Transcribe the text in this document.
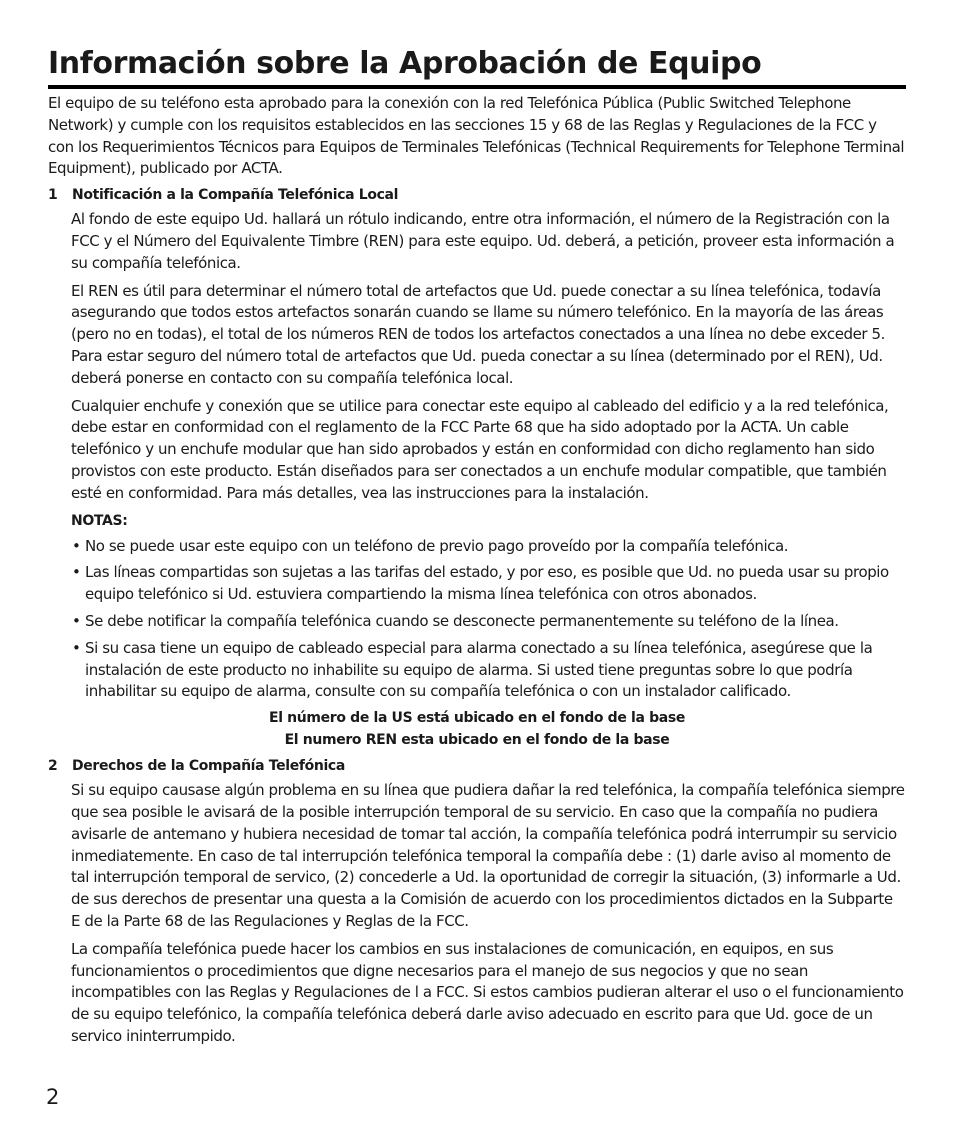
Información sobre la Aprobación de Equipo

El equipo de su teléfono esta aprobado para la conexión con la red Telefónica Pública (Public Switched Telephone Network) y cumple con los requisitos establecidos en las secciones 15 y 68 de las Reglas y Regulaciones de la FCC y con los Requerimientos Técnicos para Equipos de Terminales Telefónicas (Technical Requirements for Telephone Terminal Equipment), publicado por ACTA.

1	Notificación a la Compañía Telefónica Local

Al fondo de este equipo Ud. hallará un rótulo indicando, entre otra información, el número de la Registración con la FCC y el Número del Equivalente Timbre (REN) para este equipo. Ud. deberá, a petición, proveer esta información a su compañía telefónica.

El REN es útil para determinar el número total de artefactos que Ud. puede conectar a su línea telefónica, todavía asegurando que todos estos artefactos sonarán cuando se llame su número telefónico. En la mayoría de las áreas (pero no en todas), el total de los números REN de todos los artefactos conectados a una línea no debe exceder 5. Para estar seguro del número total de artefactos que Ud. pueda conectar a su línea (determinado por el REN), Ud. deberá ponerse en contacto con su compañía telefónica local.

Cualquier enchufe y conexión que se utilice para conectar este equipo al cableado del edificio y a la red telefónica, debe estar en conformidad con el reglamento de la FCC Parte 68 que ha sido adoptado por la ACTA. Un cable telefónico y un enchufe modular que han sido aprobados y están en conformidad con dicho reglamento han sido provistos con este producto. Están diseñados para ser conectados a un enchufe modular compatible, que también esté en conformidad. Para más detalles, vea las instrucciones para la instalación.

NOTAS:
• No se puede usar este equipo con un teléfono de previo pago proveído por la compañía telefónica.
• Las líneas compartidas son sujetas a las tarifas del estado, y por eso, es posible que Ud. no pueda usar su propio equipo telefónico si Ud. estuviera compartiendo la misma línea telefónica con otros abonados.
• Se debe notificar la compañía telefónica cuando se desconecte permanentemente su teléfono de la línea.
• Si su casa tiene un equipo de cableado especial para alarma conectado a su línea telefónica, asegúrese que la instalación de este producto no inhabilite su equipo de alarma. Si usted tiene preguntas sobre lo que podría inhabilitar su equipo de alarma, consulte con su compañía telefónica o con un instalador calificado.

El número de la US está ubicado en el fondo de la base

El numero REN esta ubicado en el fondo de la base

2	Derechos de la Compañía Telefónica

Si su equipo causase algún problema en su línea que pudiera dañar la red telefónica, la compañía telefónica siempre que sea posible le avisará de la posible interrupción temporal de su servicio. En caso que la compañía no pudiera avisarle de antemano y hubiera necesidad de tomar tal acción, la compañía telefónica podrá interrumpir su servicio inmediatemente. En caso de tal interrupción telefónica temporal la compañía debe : (1) darle aviso al momento de tal interrupción temporal de servico, (2) concederle a Ud. la oportunidad de corregir la situación, (3) informarle a Ud. de sus derechos de presentar una questa a la Comisión de acuerdo con los procedimientos dictados en la Subparte E de la Parte 68 de las Regulaciones y Reglas de la FCC.

La compañía telefónica puede hacer los cambios en sus instalaciones de comunicación, en equipos, en sus funcionamientos o procedimientos que digne necesarios para el manejo de sus negocios y que no sean incompatibles con las Reglas y Regulaciones de l a FCC. Si estos cambios pudieran alterar el uso o el funcionamiento de su equipo telefónico, la compañía telefónica deberá darle aviso adecuado en escrito para que Ud. goce de un servico ininterrumpido.

2
